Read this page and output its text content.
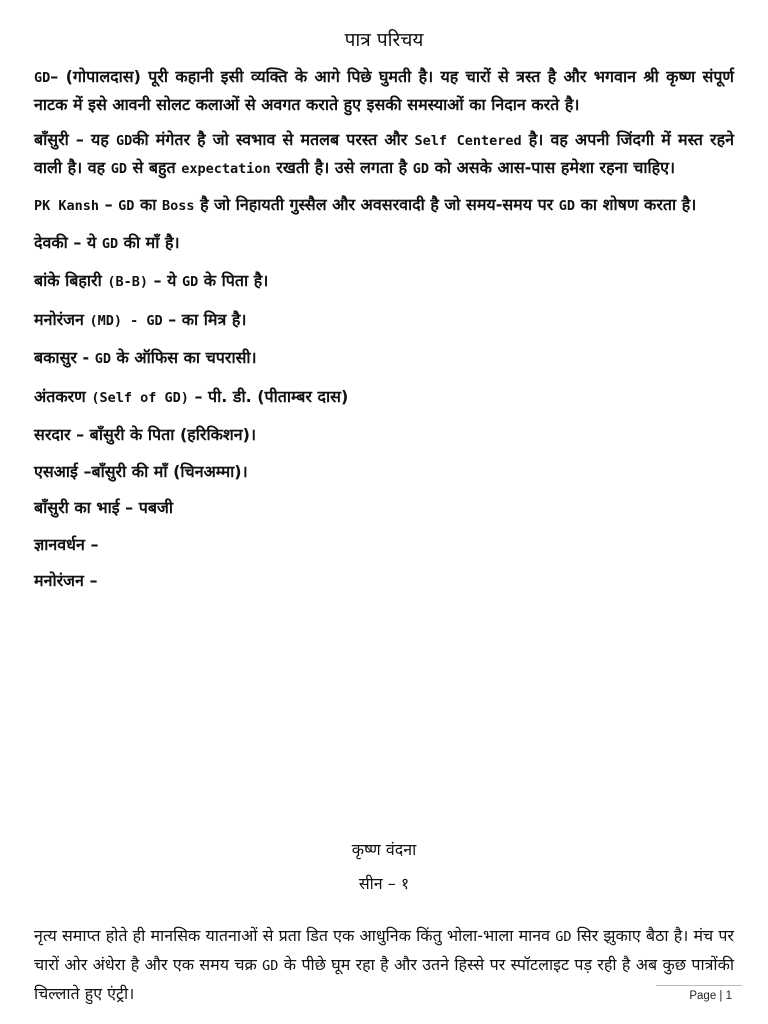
पात्र परिचय

GD– (गोपालदास) पूरी कहानी इसी व्यक्ति के आगे पिछे घुमती है। यह चारों से त्रस्त है और भगवान श्री कृष्ण संपूर्ण नाटक में इसे आवनी सोलट कलाओं से अवगत कराते हुए इसकी समस्याओं का निदान करते है।

बाँसुरी – यह GDकी मंगेतर है जो स्वभाव से मतलब परस्त और Self Centered है। वह अपनी जिंदगी में मस्त रहने वाली है। वह GD से बहुत expectation रखती है। उसे लगता है GD को असके आस-पास हमेशा रहना चाहिए।

PK Kansh – GD का Boss है जो निहायती गुस्सैल और अवसरवादी है जो समय-समय पर GD का शोषण करता है।

देवकी – ये GD की माँ है।

बांके बिहारी (B-B) – ये GD के पिता है।

मनोरंजन (MD) - GD – का मित्र है।

बकासुर - GD के ऑफिस का चपरासी।

अंतकरण (Self of GD) – पी. डी. (पीताम्बर दास)

सरदार – बाँसुरी के पिता (हरिकिशन)।

एसआई –बाँसुरी की माँ (चिनअम्मा)।

बाँसुरी का भाई – पबजी

ज्ञानवर्धन –

मनोरंजन –

कृष्ण वंदना
सीन – १

नृत्य समाप्त होते ही मानसिक यातनाओं से प्रता डित एक आधुनिक किंतु भोला-भाला मानव GD सिर झुकाए बैठा है। मंच पर चारों ओर अंधेरा है और एक समय चक्र GD के पीछे घूम रहा है और उतने हिस्से पर स्पॉटलाइट पड़ रही है अब कुछ पात्रोंकी चिल्लाते हुए एंट्री।	Page | 1
